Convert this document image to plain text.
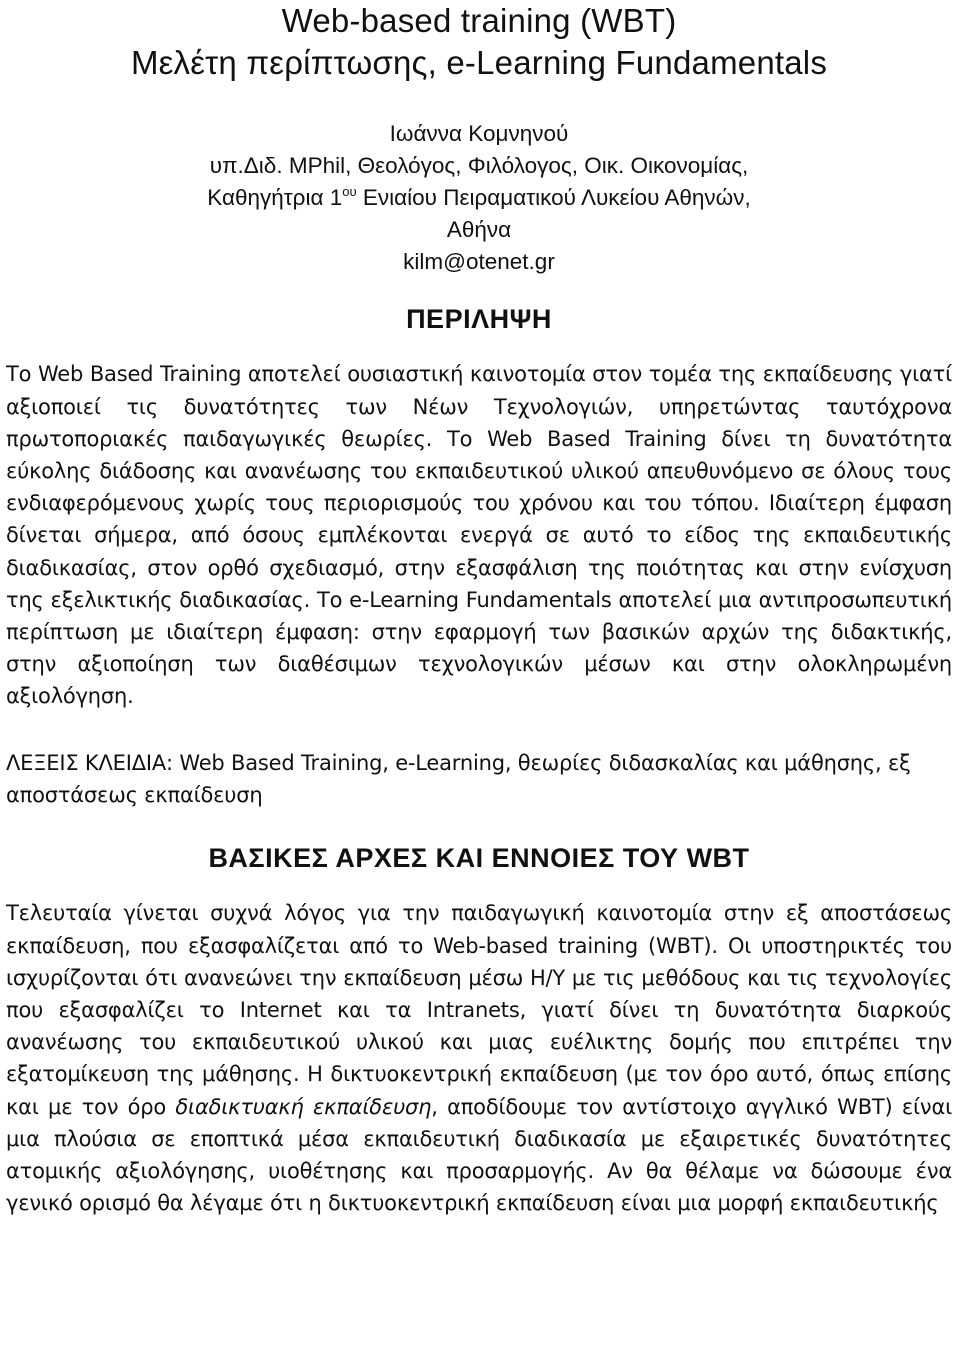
Web-based training (WBT)
Μελέτη περίπτωσης, e-Learning Fundamentals
Ιωάννα Κομνηνού
υπ.Διδ. MPhil, Θεολόγος, Φιλόλογος, Οικ. Οικονομίας,
Καθηγήτρια $1^{o\upsilon}$ Ενιαίου Πειραματικού Λυκείου Αθηνών,
Αθήνα
kilm@otenet.gr
ΠΕΡΙΛΗΨΗ

Το Web Based Training αποτελεί ουσιαστική καινοτομία στον τομέα της εκπαίδευσης γιατί αξιοποιεί τις δυνατότητες των Νέων Τεχνολογιών, υπηρετώντας ταυτόχρονα πρωτοποριακές παιδαγωγικές θεωρίες. Το Web Based Training δίνει τη δυνατότητα εύκολης διάδοσης και ανανέωσης του εκπαιδευτικού υλικού απευθυνόμενο σε όλους τους ενδιαφερόμενους χωρίς τους περιορισμούς του χρόνου και του τόπου. Ιδιαίτερη έμφαση δίνεται σήμερα, από όσους εμπλέκονται ενεργά σε αυτό το είδος της εκπαιδευτικής διαδικασίας, στον ορθό σχεδιασμό, στην εξασφάλιση της ποιότητας και στην ενίσχυση της εξελικτικής διαδικασίας. Το e-Learning Fundamentals αποτελεί μια αντιπροσωπευτική περίπτωση με ιδιαίτερη έμφαση: στην εφαρμογή των βασικών αρχών της διδακτικής, στην αξιοποίηση των διαθέσιμων τεχνολογικών μέσων και στην ολοκληρωμένη αξιολόγηση.

ΛΕΞΕΙΣ ΚΛΕΙΔΙΑ: Web Based Training, e-Learning, θεωρίες διδασκαλίας και μάθησης, εξ αποστάσεως εκπαίδευση

ΒΑΣΙΚΕΣ ΑΡΧΕΣ ΚΑΙ ΕΝΝΟΙΕΣ ΤΟΥ WBT

Τελευταία γίνεται συχνά λόγος για την παιδαγωγική καινοτομία στην εξ αποστάσεως εκπαίδευση, που εξασφαλίζεται από το Web-based training (WBT). Οι υποστηρικτές του ισχυρίζονται ότι ανανεώνει την εκπαίδευση μέσω Η/Υ με τις μεθόδους και τις τεχνολογίες που εξασφαλίζει το Internet και τα Intranets, γιατί δίνει τη δυνατότητα διαρκούς ανανέωσης του εκπαιδευτικού υλικού και μιας ευέλικτης δομής που επιτρέπει την εξατομίκευση της μάθησης. Η δικτυοκεντρική εκπαίδευση (με τον όρο αυτό, όπως επίσης και με τον όρο διαδικτυακή εκπαίδευση, αποδίδουμε τον αντίστοιχο αγγλικό WBT) είναι μια πλούσια σε εποπτικά μέσα εκπαιδευτική διαδικασία με εξαιρετικές δυνατότητες ατομικής αξιολόγησης, υιοθέτησης και προσαρμογής. Αν θα θέλαμε να δώσουμε ένα γενικό ορισμό θα λέγαμε ότι η δικτυοκεντρική εκπαίδευση είναι μια μορφή εκπαιδευτικής
